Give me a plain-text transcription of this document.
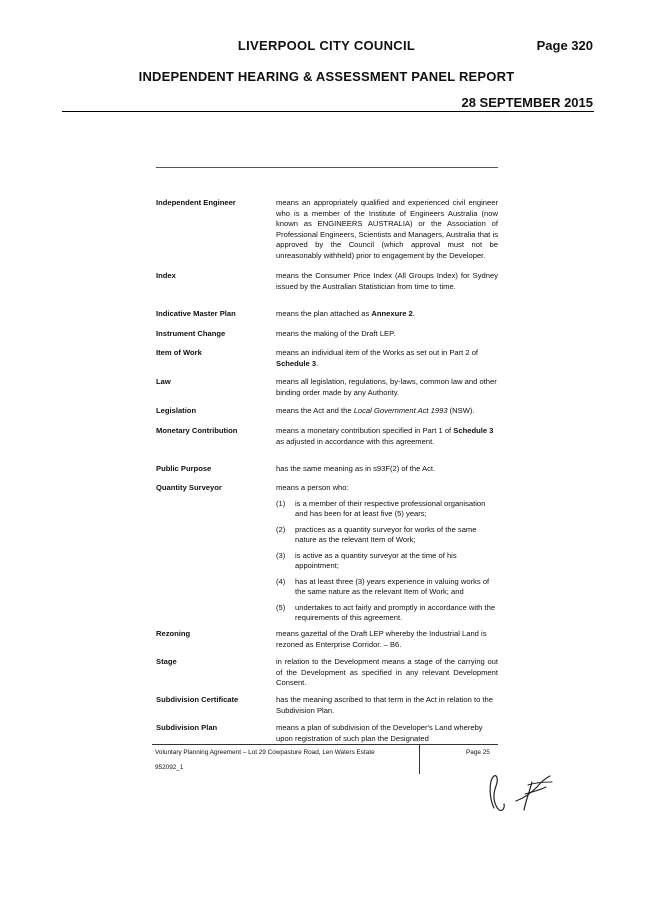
LIVERPOOL CITY COUNCIL	Page 320
INDEPENDENT HEARING & ASSESSMENT PANEL REPORT
28 SEPTEMBER 2015
Independent Engineer	means an appropriately qualified and experienced civil engineer who is a member of the Institute of Engineers Australia (now known as ENGINEERS AUSTRALIA) or the Association of Professional Engineers, Scientists and Managers, Australia that is approved by the Council (which approval must not be unreasonably withheld) prior to engagement by the Developer.
Index	means the Consumer Price Index (All Groups Index) for Sydney issued by the Australian Statistician from time to time.
Indicative Master Plan	means the plan attached as Annexure 2.
Instrument Change	means the making of the Draft LEP.
Item of Work	means an individual item of the Works as set out in Part 2 of Schedule 3.
Law	means all legislation, regulations, by-laws, common law and other binding order made by any Authority.
Legislation	means the Act and the Local Government Act 1993 (NSW).
Monetary Contribution	means a monetary contribution specified in Part 1 of Schedule 3 as adjusted in accordance with this agreement.
Public Purpose	has the same meaning as in s93F(2) of the Act.
Quantity Surveyor	means a person who:
(1)	is a member of their respective professional organisation and has been for at least five (5) years;
(2)	practices as a quantity surveyor for works of the same nature as the relevant Item of Work;
(3)	is active as a quantity surveyor at the time of his appointment;
(4)	has at least three (3) years experience in valuing works of the same nature as the relevant Item of Work; and
(5)	undertakes to act fairly and promptly in accordance with the requirements of this agreement.
Rezoning	means gazettal of the Draft LEP whereby the Industrial Land is rezoned as Enterprise Corridor. – B6.
Stage	in relation to the Development means a stage of the carrying out of the Development as specified in any relevant Development Consent.
Subdivision Certificate	has the meaning ascribed to that term in the Act in relation to the Subdivision Plan.
Subdivision Plan	means a plan of subdivision of the Developer's Land whereby upon registration of such plan the Designated
Voluntary Planning Agreement – Lot 29 Cowpasture Road, Len Waters Estate	Page 25
952092_1
